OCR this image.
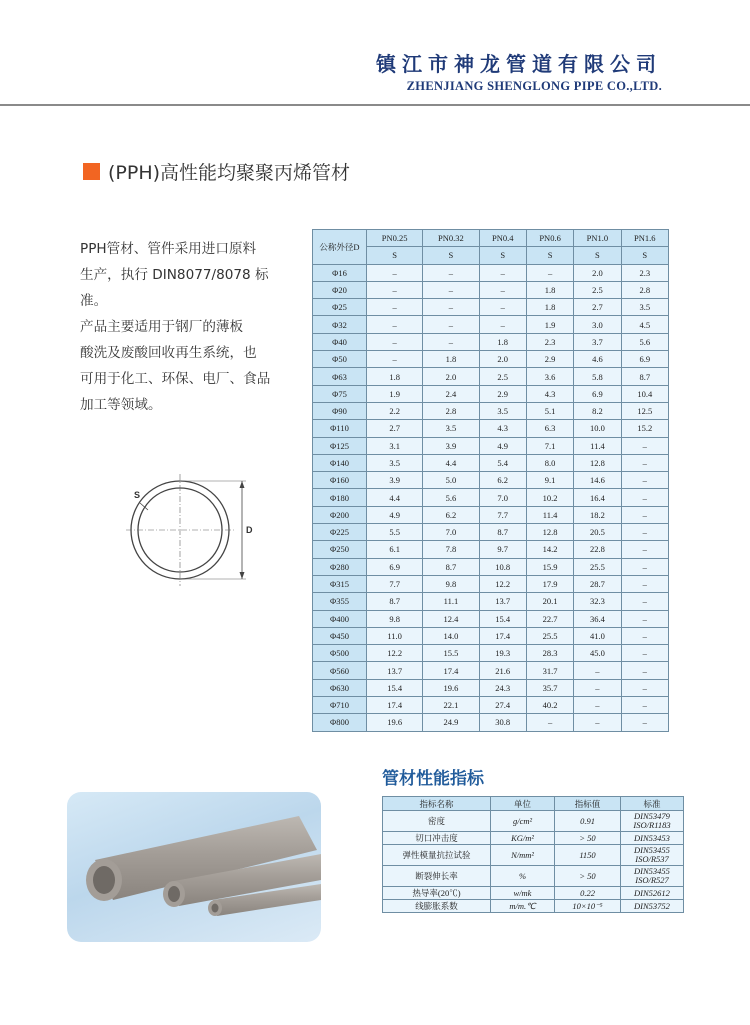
镇江市神龙管道有限公司
ZHENJIANG SHENGLONG PIPE CO.,LTD.
(PPH)高性能均聚聚丙烯管材

PPH管材、管件采用进口原料

生产，执行 DIN8077/8078 标

准。

产品主要适用于钢厂的薄板

酸洗及废酸回收再生系统，也

可用于化工、环保、电厂、食品

加工等领域。

S
D
公称外径D	PN0.25	PN0.32	PN0.4	PN0.6	PN1.0	PN1.6
	S	S	S	S	S	S
Φ16	–	–	–	–	2.0	2.3
Φ20	–	–	–	1.8	2.5	2.8
Φ25	–	–	–	1.8	2.7	3.5
Φ32	–	–	–	1.9	3.0	4.5
Φ40	–	–	1.8	2.3	3.7	5.6
Φ50	–	1.8	2.0	2.9	4.6	6.9
Φ63	1.8	2.0	2.5	3.6	5.8	8.7
Φ75	1.9	2.4	2.9	4.3	6.9	10.4
Φ90	2.2	2.8	3.5	5.1	8.2	12.5
Φ110	2.7	3.5	4.3	6.3	10.0	15.2
Φ125	3.1	3.9	4.9	7.1	11.4	–
Φ140	3.5	4.4	5.4	8.0	12.8	–
Φ160	3.9	5.0	6.2	9.1	14.6	–
Φ180	4.4	5.6	7.0	10.2	16.4	–
Φ200	4.9	6.2	7.7	11.4	18.2	–
Φ225	5.5	7.0	8.7	12.8	20.5	–
Φ250	6.1	7.8	9.7	14.2	22.8	–
Φ280	6.9	8.7	10.8	15.9	25.5	–
Φ315	7.7	9.8	12.2	17.9	28.7	–
Φ355	8.7	11.1	13.7	20.1	32.3	–
Φ400	9.8	12.4	15.4	22.7	36.4	–
Φ450	11.0	14.0	17.4	25.5	41.0	–
Φ500	12.2	15.5	19.3	28.3	45.0	–
Φ560	13.7	17.4	21.6	31.7	–	–
Φ630	15.4	19.6	24.3	35.7	–	–
Φ710	17.4	22.1	27.4	40.2	–	–
Φ800	19.6	24.9	30.8	–	–	–
管材性能指标
指标名称	单位	指标值	标准
密度	g/cm²	0.91	DIN53479
ISO/R1183

切口冲击度	KG/m²	> 50	DIN53453

弹性模量抗拉试验	N/mm²	1150	DIN53455
ISO/R537

断裂伸长率	%	> 50	DIN53455
ISO/R527

热导率(20℃)	w/mk	0.22	DIN52612

线膨胀系数	m/m.℃	10×10⁻⁵	DIN53752
